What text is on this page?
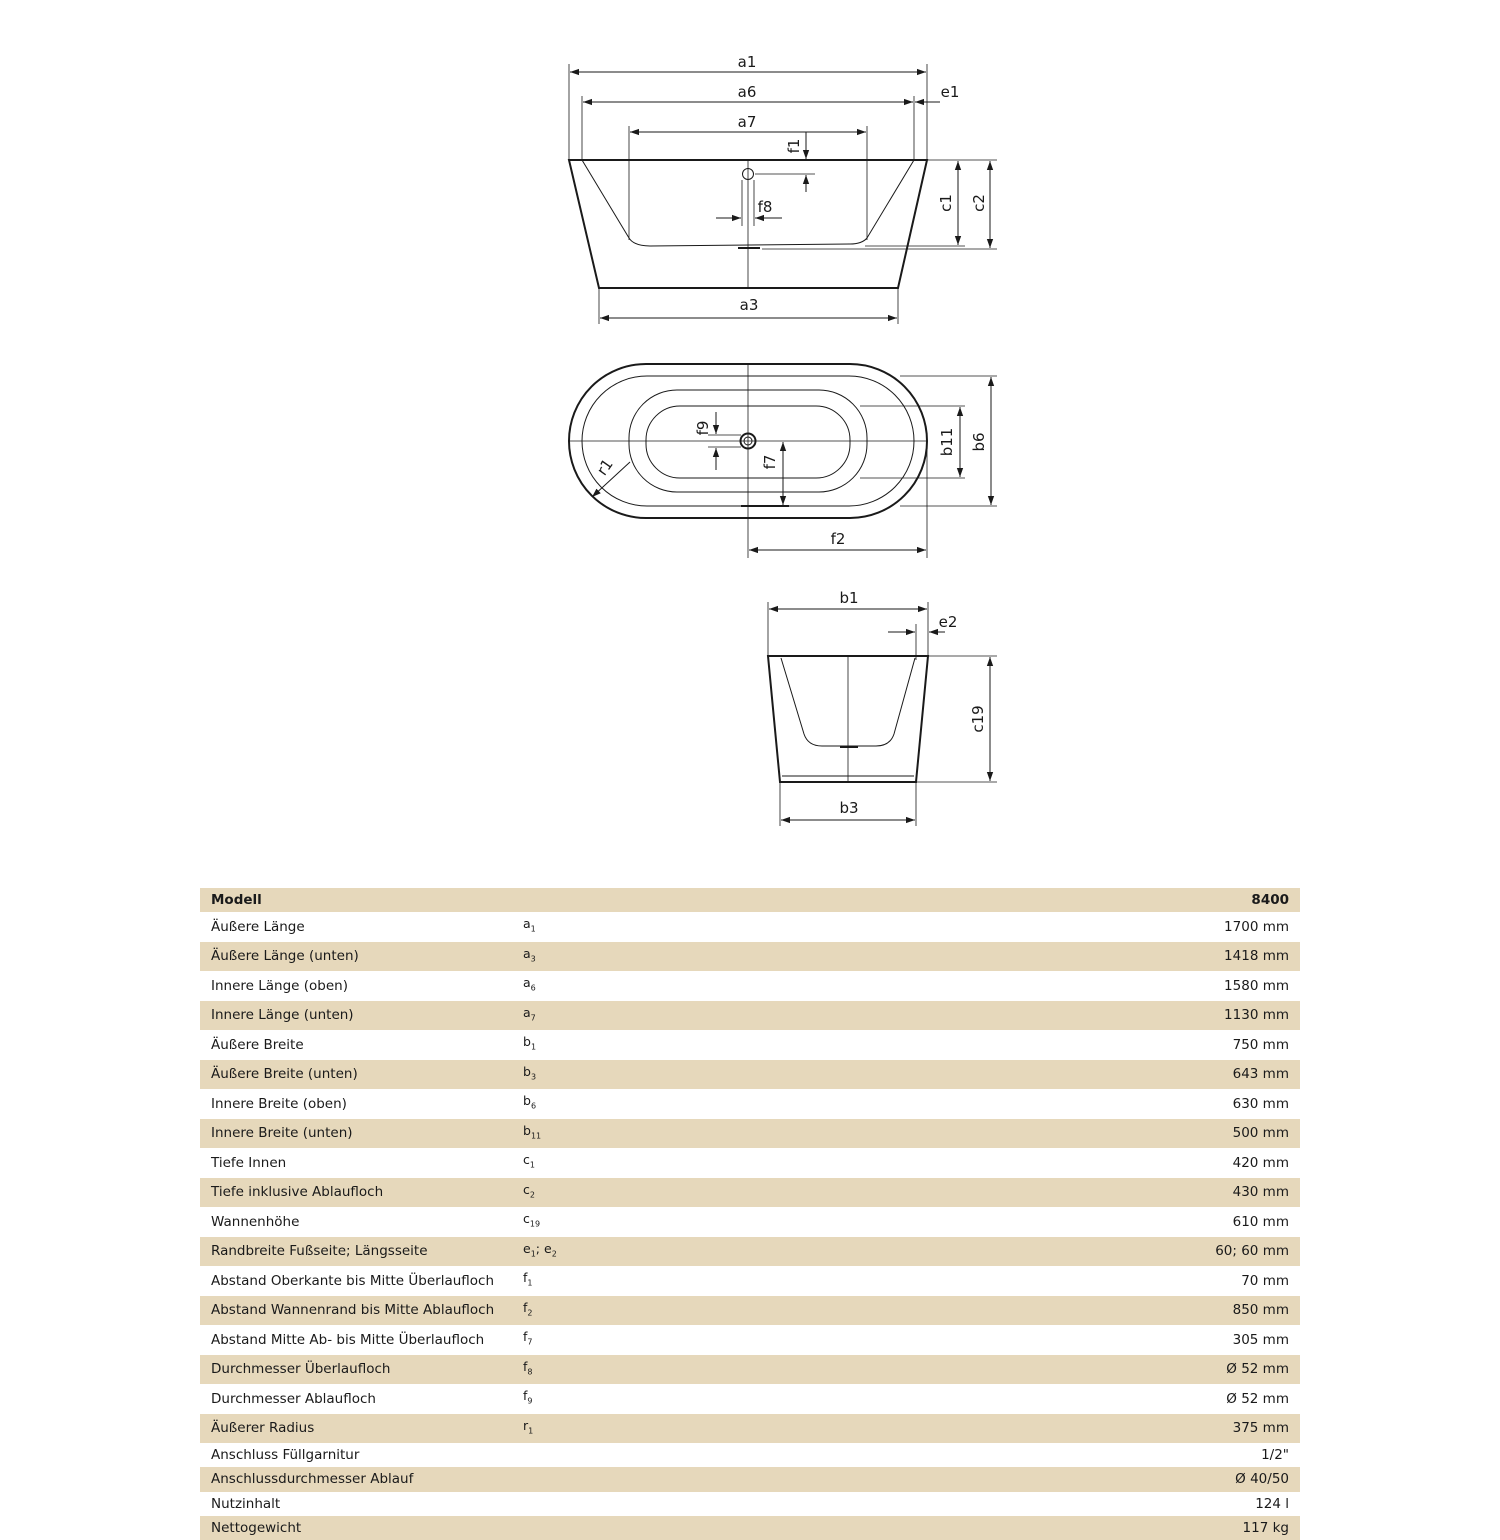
a1
a6
a7
e1
f8
a3
f1
c1 c2
f9
f7
b11 b6
f2
r1
b1
e2
c19
b3
Modell		8400
Äußere Länge	$a_1$	1700 mm
Äußere Länge (unten)	$a_3$	1418 mm
Innere Länge (oben)	$a_6$	1580 mm
Innere Länge (unten)	$a_7$	1130 mm
Äußere Breite	$b_1$	750 mm
Äußere Breite (unten)	$b_3$	643 mm
Innere Breite (oben)	$b_6$	630 mm
Innere Breite (unten)	$b_{11}$	500 mm
Tiefe Innen	$c_1$	420 mm
Tiefe inklusive Ablaufloch	$c_2$	430 mm
Wannenhöhe	$c_{19}$	610 mm
Randbreite Fußseite; Längsseite	$e_1$; $e_2$	60; 60 mm
Abstand Oberkante bis Mitte Überlaufloch	$f_1$	70 mm
Abstand Wannenrand bis Mitte Ablaufloch	$f_2$	850 mm
Abstand Mitte Ab- bis Mitte Überlaufloch	$f_7$	305 mm
Durchmesser Überlaufloch	$f_8$	Ø 52 mm
Durchmesser Ablaufloch	$f_9$	Ø 52 mm
Äußerer Radius	$r_1$	375 mm
Anschluss Füllgarnitur		1/2"
Anschlussdurchmesser Ablauf		Ø 40/50
Nutzinhalt		124 l
Nettogewicht		117 kg
